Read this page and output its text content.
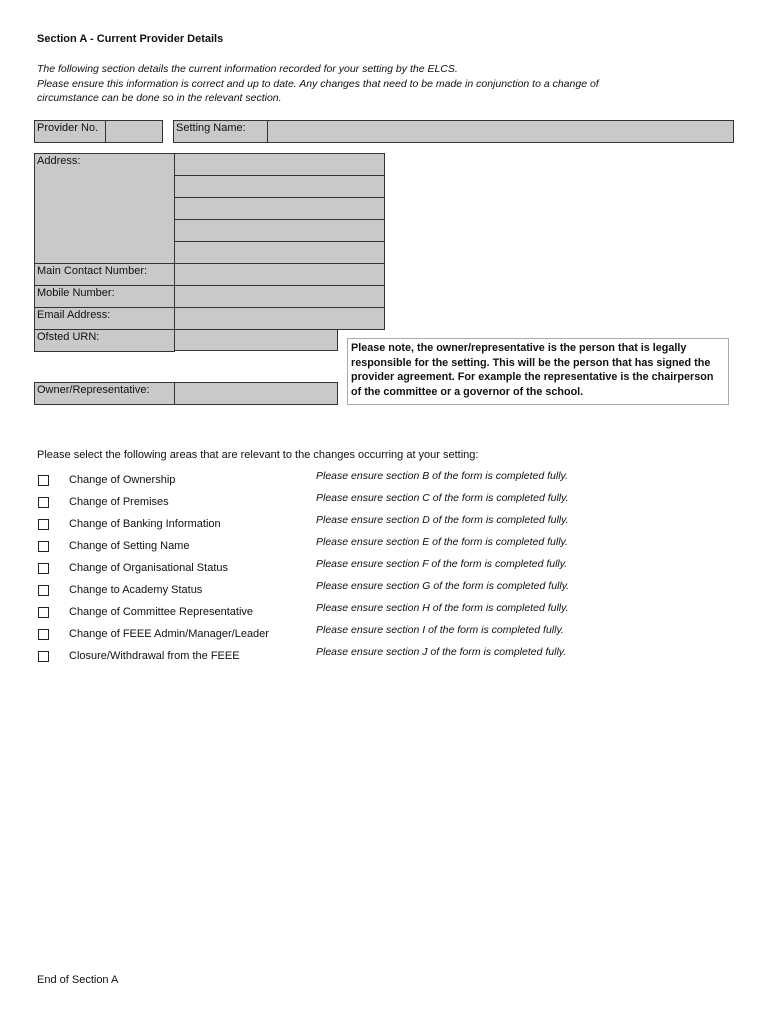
Section A - Current Provider Details
The following section details the current information recorded for your setting by the ELCS.
Please ensure this information is correct and up to date. Any changes that need to be made in conjunction to a change of
circumstance can be done so in the relevant section.
Provider No.	Setting Name:
Address:
Main Contact Number:
Mobile Number:
Email Address:
Ofsted URN:
Owner/Representative:
Please note, the owner/representative is the person that is legally responsible for the setting. This will be the person that has signed the provider agreement. For example the representative is the chairperson of the committee or a governor of the school.
Please select the following areas that are relevant to the changes occurring at your setting:
Change of Ownership	Please ensure section B of the form is completed fully.
Change of Premises	Please ensure section C of the form is completed fully.
Change of Banking Information	Please ensure section D of the form is completed fully.
Change of Setting Name	Please ensure section E of the form is completed fully.
Change of Organisational Status	Please ensure section F of the form is completed fully.
Change to Academy Status	Please ensure section G of the form is completed fully.
Change of Committee Representative	Please ensure section H of the form is completed fully.
Change of FEEE Admin/Manager/Leader	Please ensure section I of the form is completed fully.
Closure/Withdrawal from the FEEE	Please ensure section J of the form is completed fully.
End of Section A
